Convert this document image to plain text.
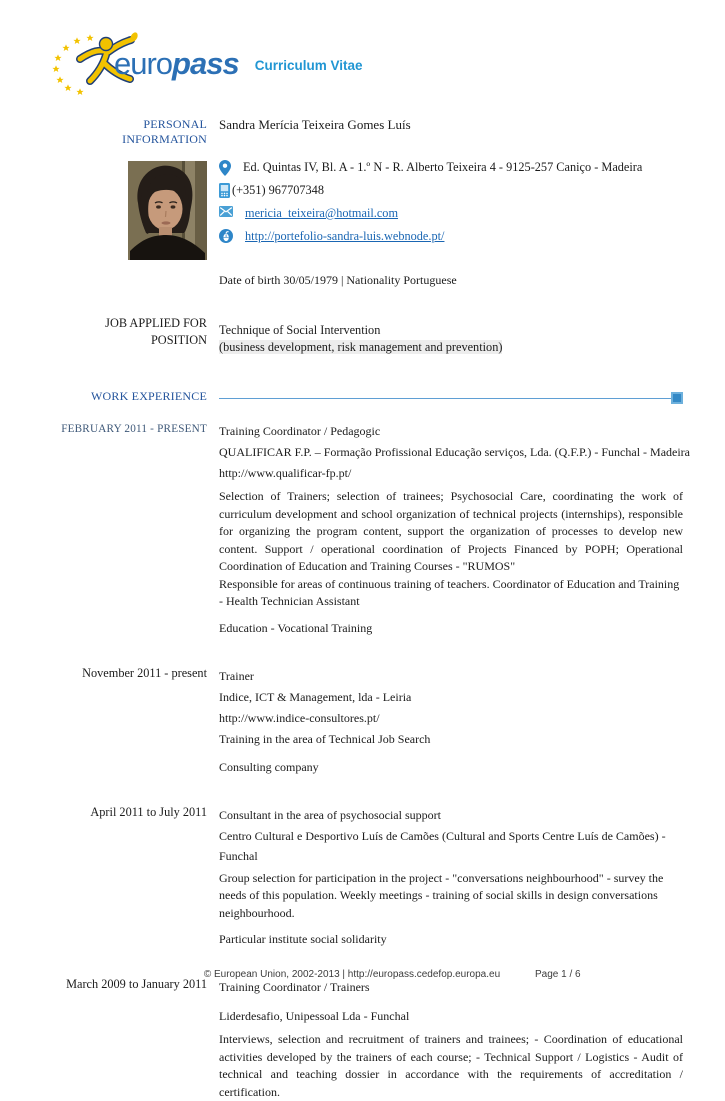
europass Curriculum Vitae
PERSONAL INFORMATION
Sandra Merícia Teixeira Gomes Luís
Ed. Quintas IV, Bl. A - 1.º N - R. Alberto Teixeira 4 - 9125-257 Caniço - Madeira
(+351) 967707348
mericia_teixeira@hotmail.com
http://portefolio-sandra-luis.webnode.pt/
Date of birth 30/05/1979 | Nationality Portuguese
JOB APPLIED FOR POSITION
Technique of Social Intervention
(business development, risk management and prevention)
WORK EXPERIENCE
FEBRUARY 2011 - PRESENT Training Coordinator / Pedagogic
QUALIFICAR F.P. – Formação Profissional Educação serviços, Lda. (Q.F.P.) - Funchal - Madeira
http://www.qualificar-fp.pt/

Selection of Trainers; selection of trainees; Psychosocial Care, coordinating the work of curriculum development and school organization of technical projects (internships), responsible for organizing the program content, support the organization of processes to develop new content. Support / operational coordination of Projects Financed by POPH; Operational Coordination of Education and Training Courses - "RUMOS"

Responsible for areas of continuous training of teachers. Coordinator of Education and Training - Health Technician Assistant

Education - Vocational Training
November 2011 - present Trainer
Indice, ICT & Management, lda - Leiria
http://www.indice-consultores.pt/
Training in the area of Technical Job Search
Consulting company
April 2011 to July 2011 Consultant in the area of psychosocial support
Centro Cultural e Desportivo Luís de Camões (Cultural and Sports Centre Luís de Camões) - Funchal

Group selection for participation in the project - "conversations neighbourhood" - survey the needs of this population. Weekly meetings - training of social skills in design conversations neighbourhood.

Particular institute social solidarity
March 2009 to January 2011 Training Coordinator / Trainers
Liderdesafio, Unipessoal Lda - Funchal

Interviews, selection and recruitment of trainers and trainees; - Coordination of educational activities developed by the trainers of each course; - Technical Support / Logistics - Audit of technical and teaching dossier in accordance with the requirements of accreditation / certification.

© European Union, 2002-2013 | http://europass.cedefop.europa.eu	Page 1 / 6
